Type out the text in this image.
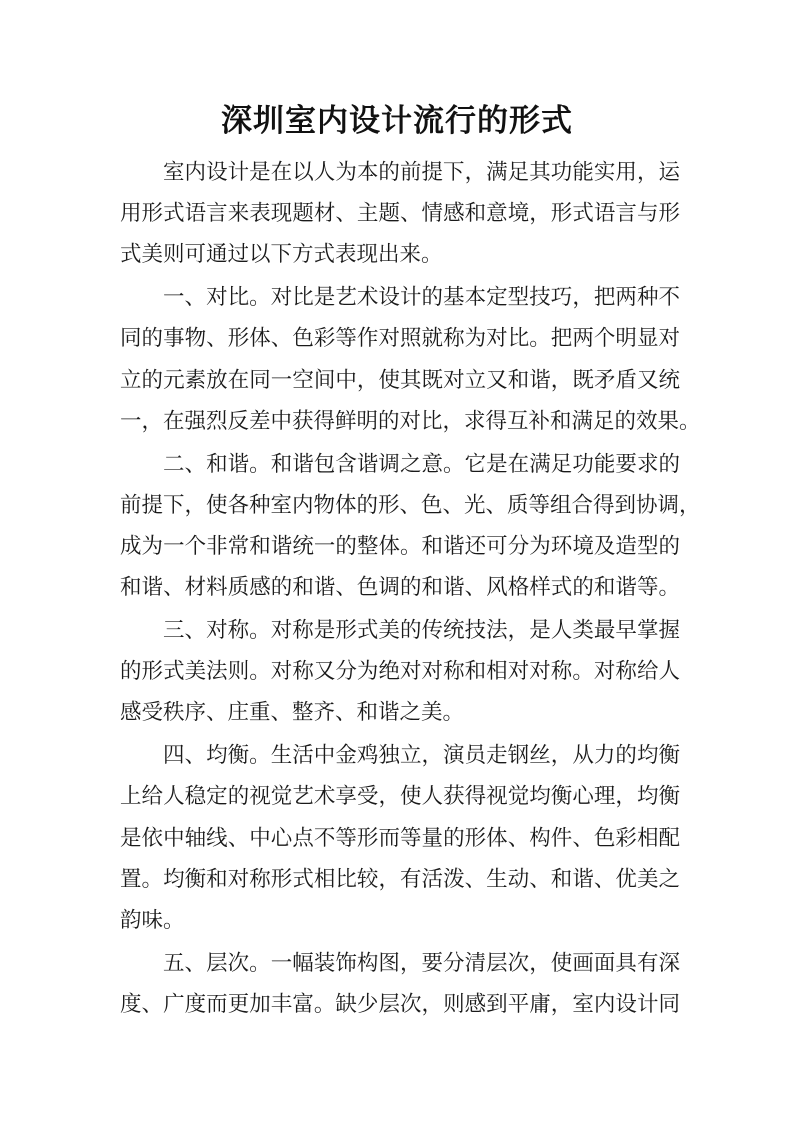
深圳室内设计流行的形式
室内设计是在以人为本的前提下，满足其功能实用，运
用形式语言来表现题材、主题、情感和意境，形式语言与形
式美则可通过以下方式表现出来。
一、对比。对比是艺术设计的基本定型技巧，把两种不
同的事物、形体、色彩等作对照就称为对比。把两个明显对
立的元素放在同一空间中，使其既对立又和谐，既矛盾又统
一，在强烈反差中获得鲜明的对比，求得互补和满足的效果。
二、和谐。和谐包含谐调之意。它是在满足功能要求的
前提下，使各种室内物体的形、色、光、质等组合得到协调，
成为一个非常和谐统一的整体。和谐还可分为环境及造型的
和谐、材料质感的和谐、色调的和谐、风格样式的和谐等。
三、对称。对称是形式美的传统技法，是人类最早掌握
的形式美法则。对称又分为绝对对称和相对对称。对称给人
感受秩序、庄重、整齐、和谐之美。
四、均衡。生活中金鸡独立，演员走钢丝，从力的均衡
上给人稳定的视觉艺术享受，使人获得视觉均衡心理，均衡
是依中轴线、中心点不等形而等量的形体、构件、色彩相配
置。均衡和对称形式相比较，有活泼、生动、和谐、优美之
韵味。
五、层次。一幅装饰构图，要分清层次，使画面具有深
度、广度而更加丰富。缺少层次，则感到平庸，室内设计同
